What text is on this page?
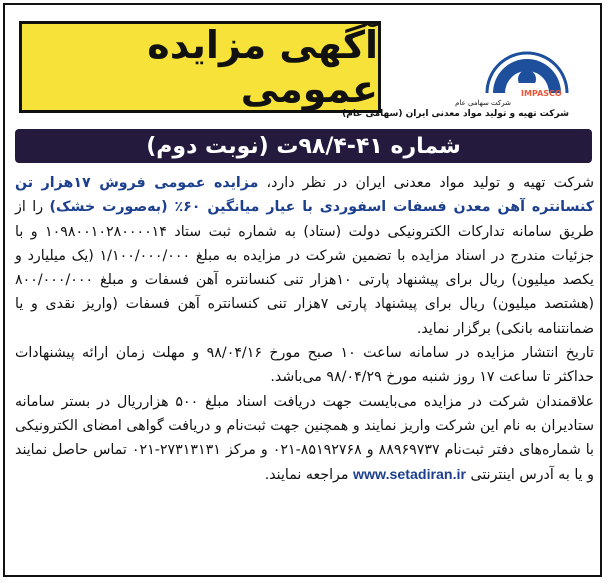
آگهی مزایده عمومی	IMPASCO
شرکت سهامی عام
شرکت تهیه و تولید مواد معدنی ایران (سهامی عام)
شماره ۴۱-۹۸/۴ت (نوبت دوم)

شرکت تهیه و تولید مواد معدنی ایران در نظر دارد، مزایده عمومی فروش ۱۷هزار تن کنسانتره آهن معدن فسفات اسفوردی با عیار میانگین ۶۰٪ (به‌صورت خشک) را از طریق سامانه تدارکات الکترونیکی دولت (ستاد) به شماره ثبت ستاد ۱۰۹۸۰۰۱۰۲۸۰۰۰۰۱۴ و با جزئیات مندرج در اسناد مزایده با تضمین شرکت در مزایده به مبلغ ۱/۱۰۰/۰۰۰/۰۰۰ (یک میلیارد و یکصد میلیون) ریال برای پیشنهاد پارتی ۱۰هزار تنی کنسانتره آهن فسفات و مبلغ ۸۰۰/۰۰۰/۰۰۰ (هشتصد میلیون) ریال برای پیشنهاد پارتی ۷هزار تنی کنسانتره آهن فسفات (واریز نقدی و یا ضمانتنامه بانکی) برگزار نماید.

تاریخ انتشار مزایده در سامانه ساعت ۱۰ صبح مورخ ۹۸/۰۴/۱۶ و مهلت زمان ارائه پیشنهادات حداکثر تا ساعت ۱۷ روز شنبه مورخ ۹۸/۰۴/۲۹ می‌باشد.

علاقمندان شرکت در مزایده می‌بایست جهت دریافت اسناد مبلغ ۵۰۰ هزارریال در بستر سامانه ستادیران به نام این شرکت واریز نمایند و همچنین جهت ثبت‌نام و دریافت گواهی امضای الکترونیکی با شماره‌های دفتر ثبت‌نام ۸۸۹۶۹۷۳۷ و ۸۵۱۹۲۷۶۸-۰۲۱ و مرکز ۲۷۳۱۳۱۳۱-۰۲۱ تماس حاصل نمایند و یا به آدرس اینترنتی www.setadiran.ir مراجعه نمایند.
